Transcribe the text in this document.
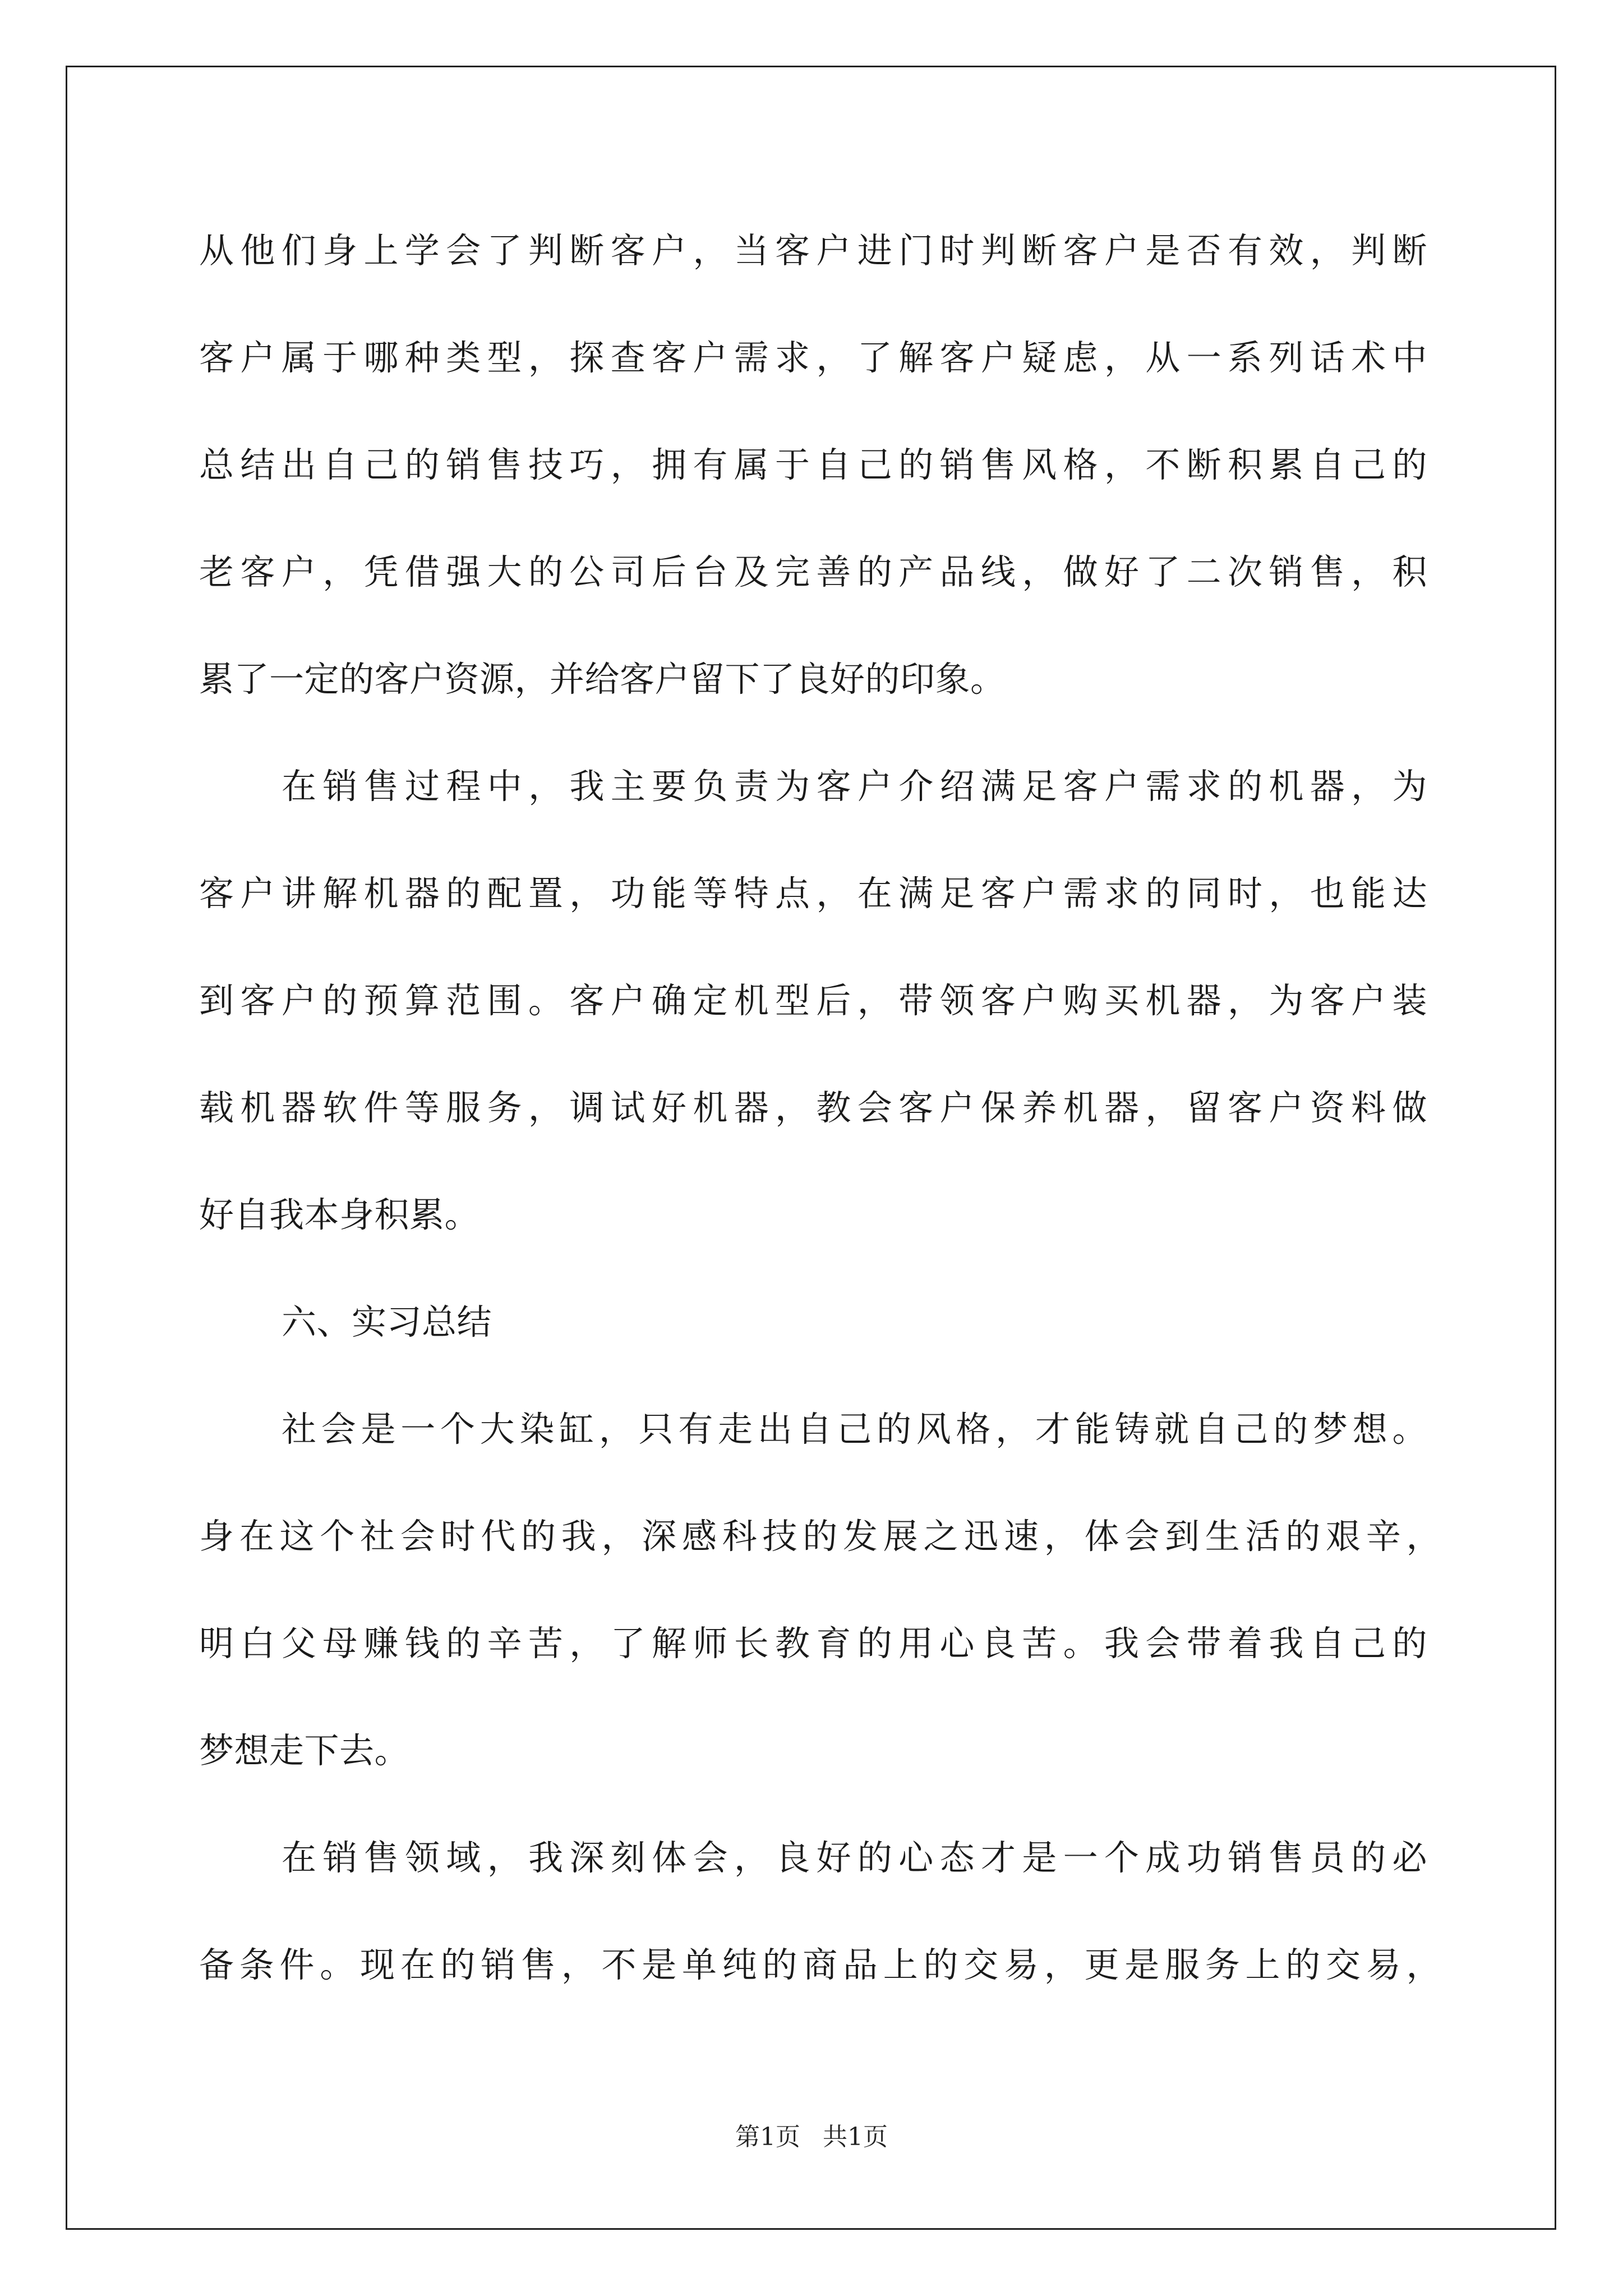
从他们身上学会了判断客户，当客户进门时判断客户是否有效，判断
客户属于哪种类型，探查客户需求，了解客户疑虑，从一系列话术中
总结出自己的销售技巧，拥有属于自己的销售风格，不断积累自己的
老客户，凭借强大的公司后台及完善的产品线，做好了二次销售，积
累了一定的客户资源，并给客户留下了良好的印象。
在销售过程中，我主要负责为客户介绍满足客户需求的机器，为
客户讲解机器的配置，功能等特点，在满足客户需求的同时，也能达
到客户的预算范围。客户确定机型后，带领客户购买机器，为客户装
载机器软件等服务，调试好机器，教会客户保养机器，留客户资料做
好自我本身积累。
六、实习总结
社会是一个大染缸，只有走出自己的风格，才能铸就自己的梦想。
身在这个社会时代的我，深感科技的发展之迅速，体会到生活的艰辛，
明白父母赚钱的辛苦，了解师长教育的用心良苦。我会带着我自己的
梦想走下去。
在销售领域，我深刻体会，良好的心态才是一个成功销售员的必
备条件。现在的销售，不是单纯的商品上的交易，更是服务上的交易，
第1页 共1页
